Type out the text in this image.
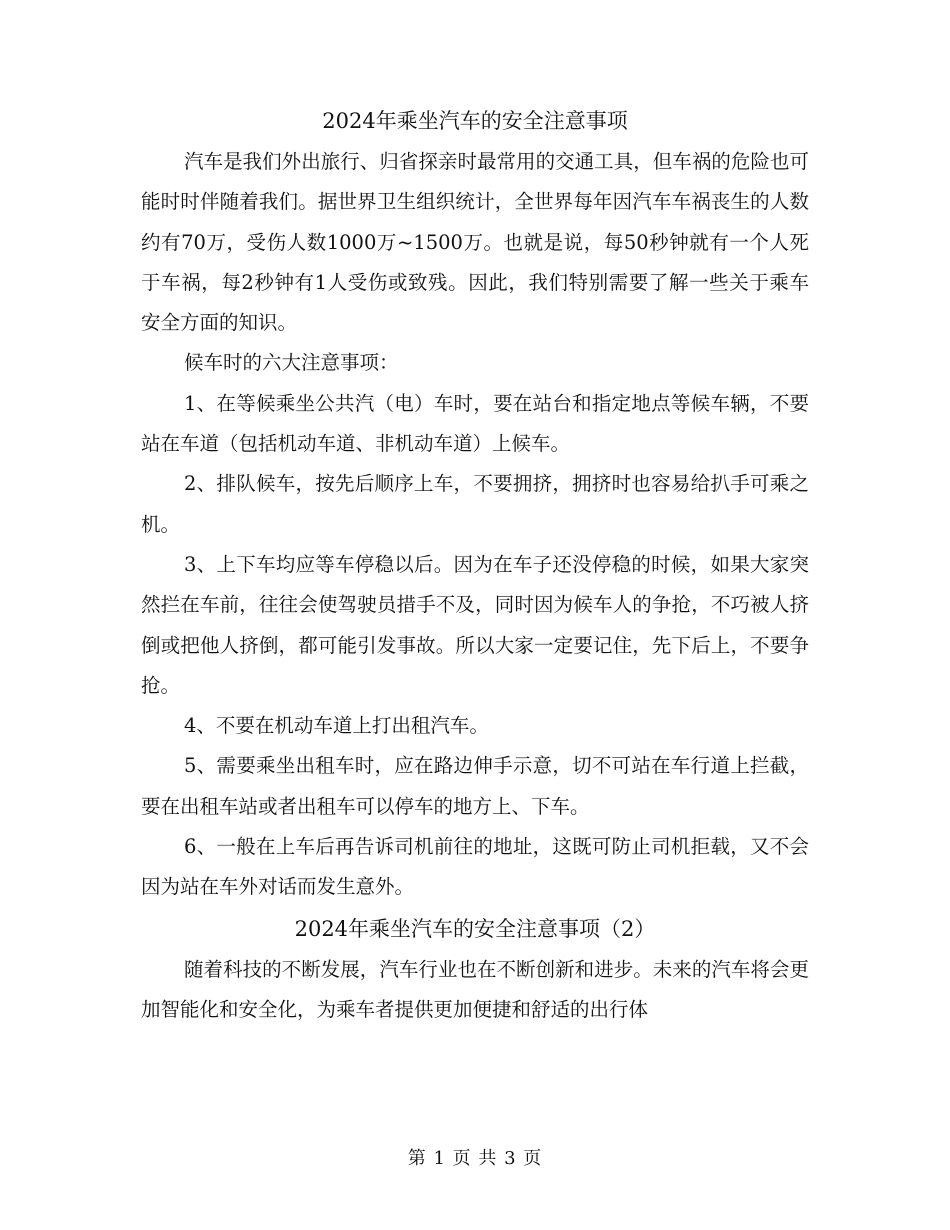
2024年乘坐汽车的安全注意事项

汽车是我们外出旅行、归省探亲时最常用的交通工具，但车祸的危险也可能时时伴随着我们。据世界卫生组织统计，全世界每年因汽车车祸丧生的人数约有70万，受伤人数1000万~1500万。也就是说，每50秒钟就有一个人死于车祸，每2秒钟有1人受伤或致残。因此，我们特别需要了解一些关于乘车安全方面的知识。

候车时的六大注意事项：

1、在等候乘坐公共汽（电）车时，要在站台和指定地点等候车辆，不要站在车道（包括机动车道、非机动车道）上候车。

2、排队候车，按先后顺序上车，不要拥挤，拥挤时也容易给扒手可乘之机。

3、上下车均应等车停稳以后。因为在车子还没停稳的时候，如果大家突然拦在车前，往往会使驾驶员措手不及，同时因为候车人的争抢，不巧被人挤倒或把他人挤倒，都可能引发事故。所以大家一定要记住，先下后上，不要争抢。

4、不要在机动车道上打出租汽车。

5、需要乘坐出租车时，应在路边伸手示意，切不可站在车行道上拦截，要在出租车站或者出租车可以停车的地方上、下车。

6、一般在上车后再告诉司机前往的地址，这既可防止司机拒载，又不会因为站在车外对话而发生意外。

2024年乘坐汽车的安全注意事项（2）

随着科技的不断发展，汽车行业也在不断创新和进步。未来的汽车将会更加智能化和安全化，为乘车者提供更加便捷和舒适的出行体

第 1 页 共 3 页
